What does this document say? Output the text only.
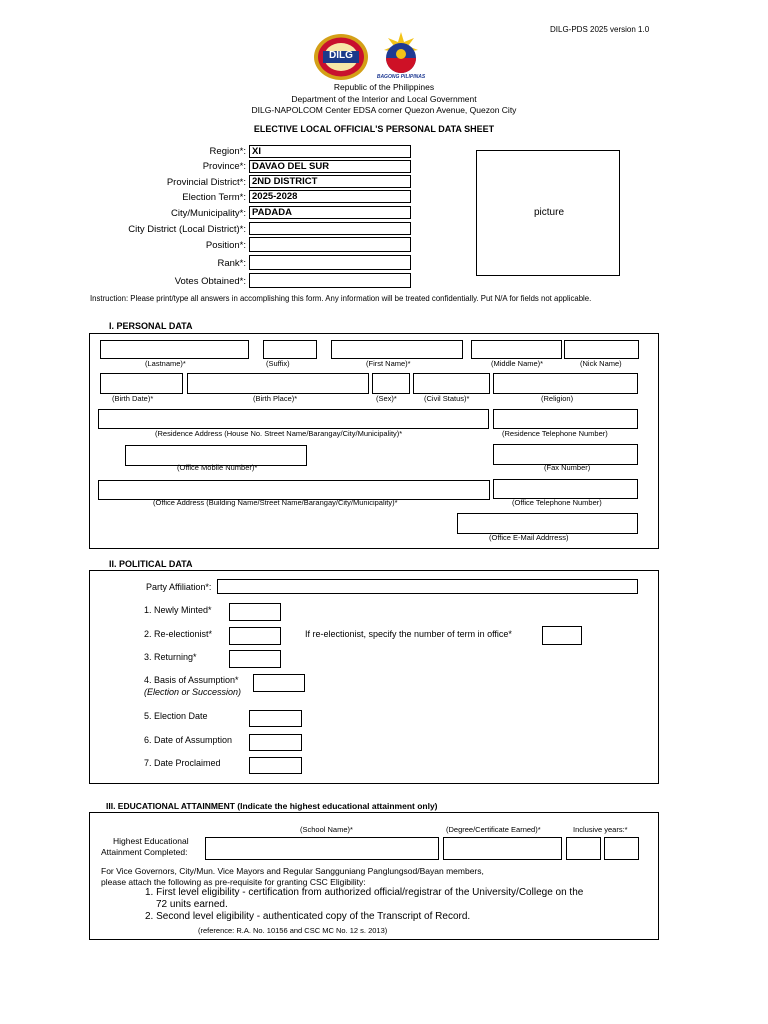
DILG-PDS 2025 version 1.0
DILG
BAGONG PILIPINAS
Republic of the Philippines
Department of the Interior and Local Government
DILG-NAPOLCOM Center EDSA corner Quezon Avenue, Quezon City
ELECTIVE LOCAL OFFICIAL'S PERSONAL DATA SHEET
Region*: XI
Province*: DAVAO DEL SUR
Provincial District*: 2ND DISTRICT
Election Term*: 2025-2028
City/Municipality*: PADADA
City District (Local District)*:
Position*:
Rank*:
Votes Obtained*:
picture
Instruction: Please print/type all answers in accomplishing this form. Any information will be treated confidentially. Put N/A for fields not applicable.
I. PERSONAL DATA
(Lastname)*	(Suffix)	(First Name)*	(Middle Name)*	(Nick Name)
(Birth Date)*	(Birth Place)*	(Sex)*	(Civil Status)*	(Religion)
(Residence Address (House No. Street Name/Barangay/City/Municipality)*	(Residence Telephone Number)
(Office Mobile Number)*	(Fax Number)
(Office Address (Building Name/Street Name/Barangay/City/Municipality)*	(Office Telephone Number)
(Office E-Mail Addrress)
II. POLITICAL DATA
Party Affiliation*:
1. Newly Minted*
2. Re-electionist*	If re-electionist, specify the number of term in office*
3. Returning*
4. Basis of Assumption*
(Election or Succession)
5. Election Date
6. Date of Assumption
7. Date Proclaimed
III. EDUCATIONAL ATTAINMENT (Indicate the highest educational attainment only)
(School Name)*	(Degree/Certificate Earned)*	Inclusive years:*
Highest Educational
Attainment Completed:
For Vice Governors, City/Mun. Vice Mayors and Regular Sangguniang Panglungsod/Bayan members,
please attach the following as pre-requisite for granting CSC Eligibility:
1. First level eligibility - certification from authorized official/registrar of the University/College on the
72 units earned.
2. Second level eligibility - authenticated copy of the Transcript of Record.
(reference: R.A. No. 10156 and CSC MC No. 12 s. 2013)
